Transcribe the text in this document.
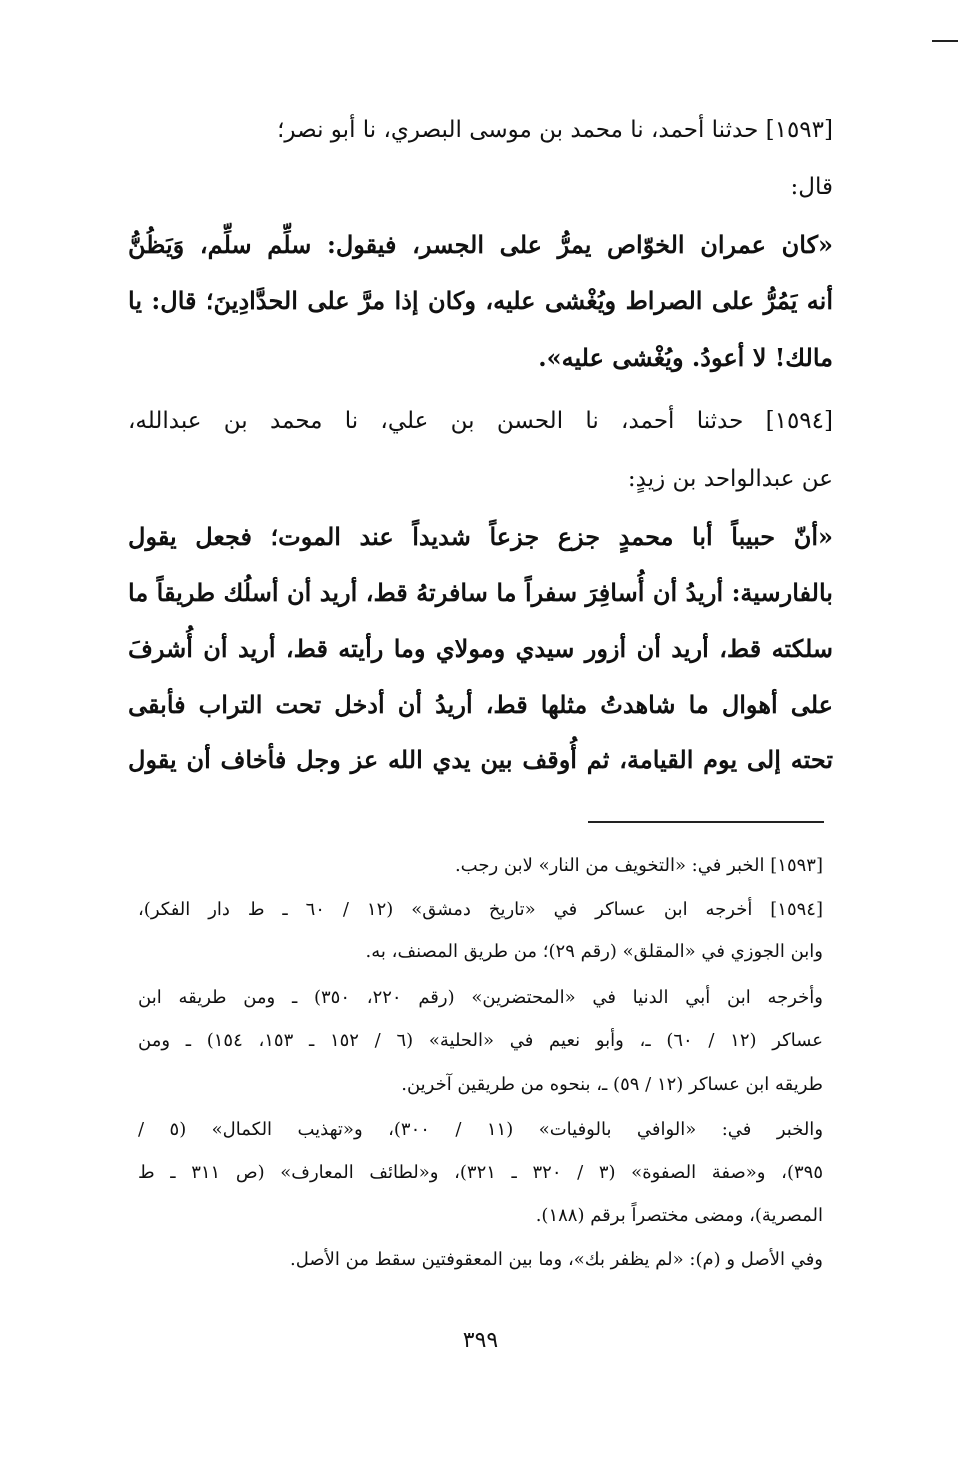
[١٥٩٣] حدثنا أحمد، نا محمد بن موسى البصري، نا أبو نصر؛
قال:
«كان عمران الخوّاص يمرُّ على الجسر، فيقول: سلِّم سلِّم، وَيَظُنُّ
أنه يَمُرُّ على الصراط ويُغْشى عليه، وكان إذا مرَّ على الحدَّادِينَ؛ قال: يا
مالك! لا أعودُ. ويُغْشى عليه».
[١٥٩٤] حدثنا أحمد، نا الحسن بن علي، نا محمد بن عبدالله،
عن عبدالواحد بن زيدٍ:
«أنّ حبيباً أبا محمدٍ جزع جزعاً شديداً عند الموت؛ فجعل يقول
بالفارسية: أريدُ أن أُسافِرَ سفراً ما سافرتهُ قط، أريد أن أسلُك طريقاً ما
سلكته قط، أريد أن أزور سيدي ومولاي وما رأيته قط، أريد أن أُشرفَ
على أهوال ما شاهدتُ مثلها قط، أريدُ أن أدخل تحت التراب فأبقى
تحته إلى يوم القيامة، ثم أُوقف بين يدي الله عز وجل فأخاف أن يقول
[١٥٩٣] الخبر في: «التخويف من النار» لابن رجب.
[١٥٩٤] أخرجه ابن عساكر في «تاريخ دمشق» (١٢ / ٦٠ ـ ط دار الفكر)،
وابن الجوزي في «المقلق» (رقم ٢٩)؛ من طريق المصنف، به.
وأخرجه ابن أبي الدنيا في «المحتضرين» (رقم ٢٢٠، ٣٥٠) ـ ومن طريقه ابن
عساكر (١٢ / ٦٠) ـ، وأبو نعيم في «الحلية» (٦ / ١٥٢ ـ ١٥٣، ١٥٤) ـ ومن
طريقه ابن عساكر (١٢ / ٥٩) ـ، بنحوه من طريقين آخرين.
والخبر في: «الوافي بالوفيات» (١١ / ٣٠٠)، و«تهذيب الكمال» (٥ /
٣٩٥)، و«صفة الصفوة» (٣ / ٣٢٠ ـ ٣٢١)، و«لطائف المعارف» (ص ٣١١ ـ ط
المصرية)، ومضى مختصراً برقم (١٨٨).
وفي الأصل و (م): «لم يظفر بك»، وما بين المعقوفتين سقط من الأصل.
٣٩٩
